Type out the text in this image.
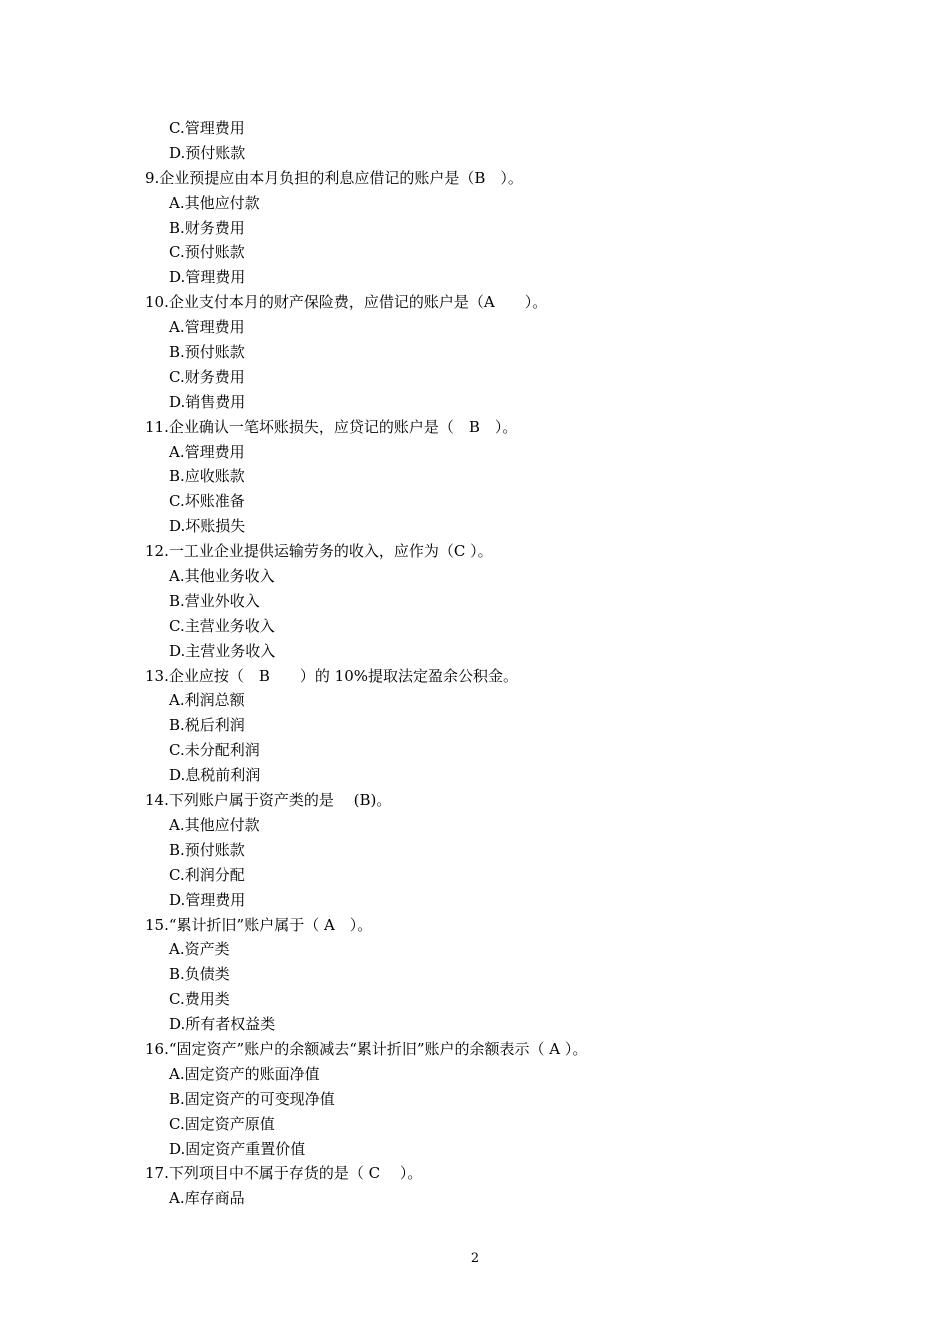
C.管理费用
D.预付账款
9.企业预提应由本月负担的利息应借记的账户是（B　）。
A.其他应付款
B.财务费用
C.预付账款
D.管理费用
10.企业支付本月的财产保险费，应借记的账户是（A　　）。
A.管理费用
B.预付账款
C.财务费用
D.销售费用
11.企业确认一笔坏账损失，应贷记的账户是（　B　）。
A.管理费用
B.应收账款
C.坏账准备
D.坏账损失
12.一工业企业提供运输劳务的收入，应作为（C ）。
A.其他业务收入
B.营业外收入
C.主营业务收入
D.主营业务收入
13.企业应按（　B　　）的 10%提取法定盈余公积金。
A.利润总额
B.税后利润
C.未分配利润
D.息税前利润
14.下列账户属于资产类的是　 (B)。
A.其他应付款
B.预付账款
C.利润分配
D.管理费用
15.“累计折旧”账户属于（ A　）。
A.资产类
B.负债类
C.费用类
D.所有者权益类
16.“固定资产”账户的余额减去“累计折旧”账户的余额表示（ A ）。
A.固定资产的账面净值
B.固定资产的可变现净值
C.固定资产原值
D.固定资产重置价值
17.下列项目中不属于存货的是（ C　 ）。
A.库存商品
2
